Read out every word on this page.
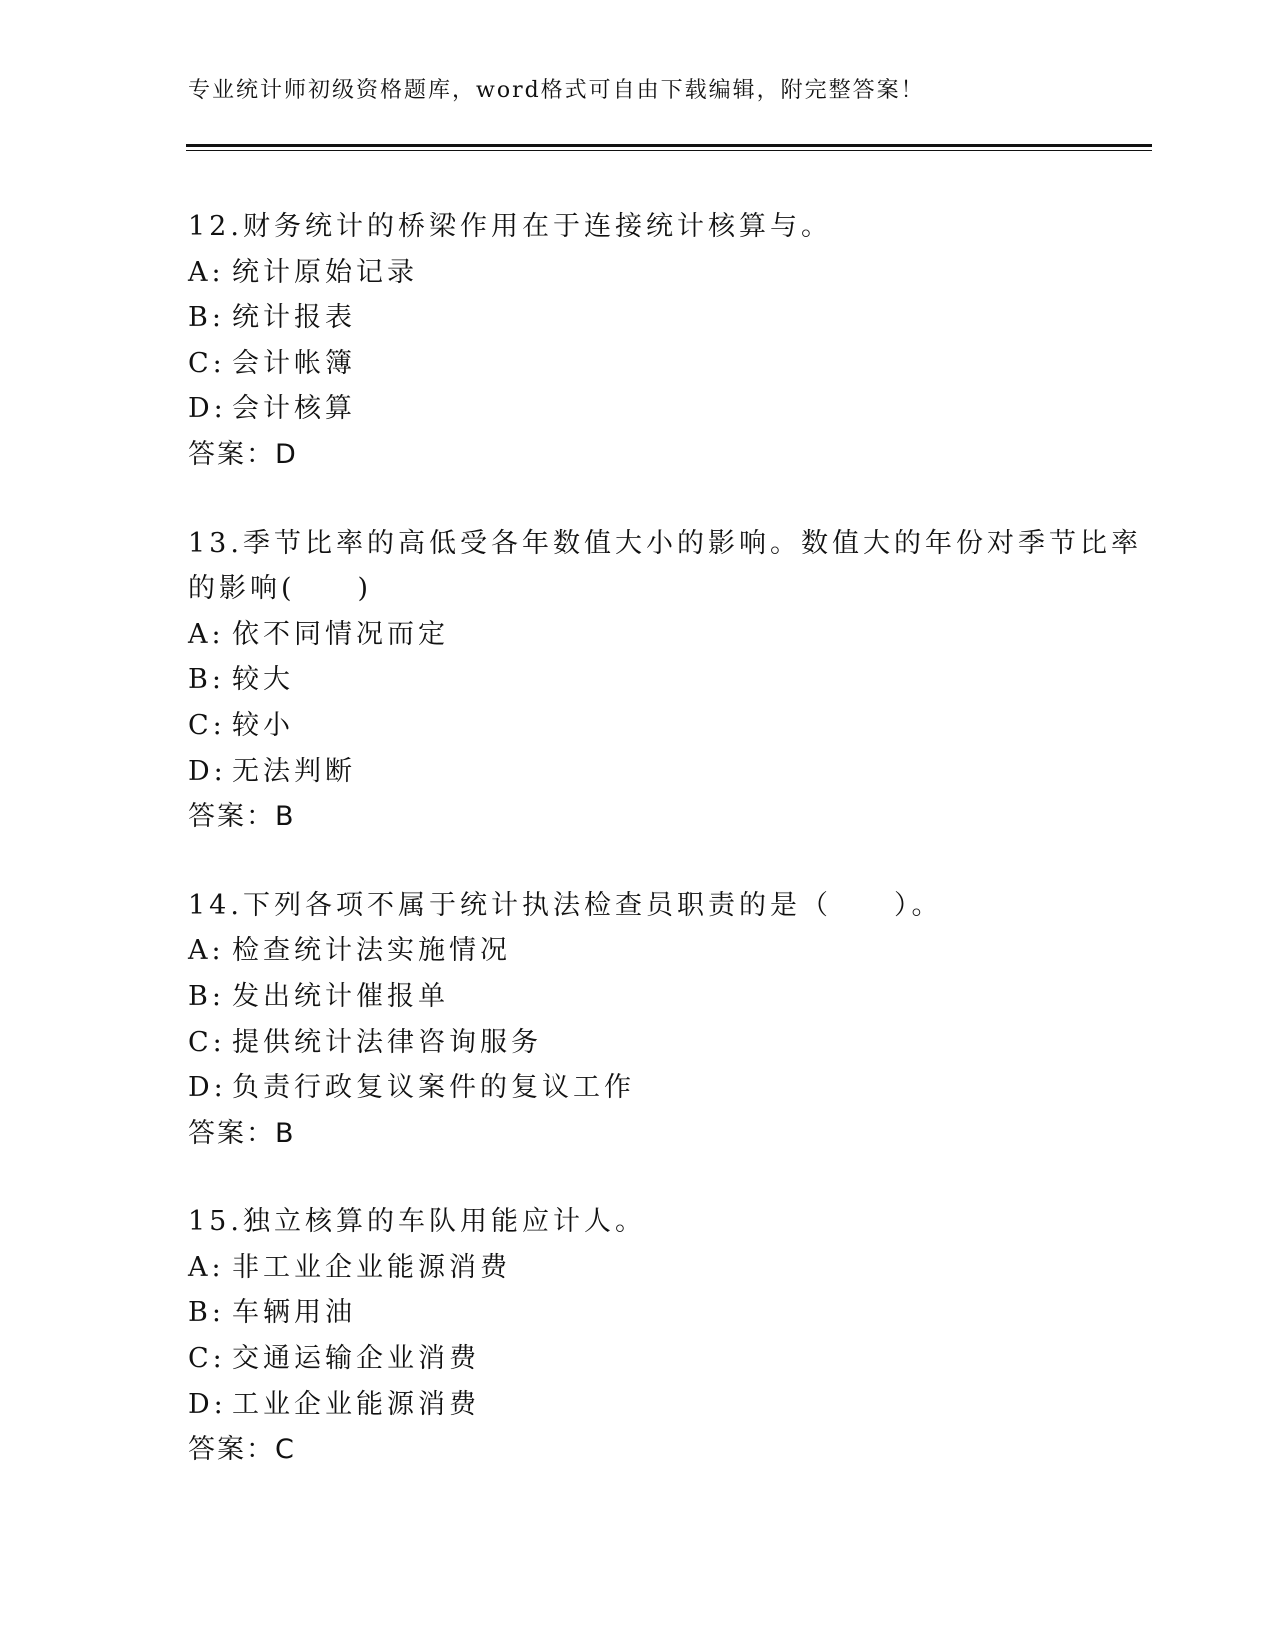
专业统计师初级资格题库，word格式可自由下载编辑，附完整答案！
12.财务统计的桥梁作用在于连接统计核算与。
A: 统计原始记录
B: 统计报表
C: 会计帐簿
D: 会计核算
答案：D
13.季节比率的高低受各年数值大小的影响。数值大的年份对季节比率
的影响(　　)
A: 依不同情况而定
B: 较大
C: 较小
D: 无法判断
答案：B
14.下列各项不属于统计执法检查员职责的是（　　）。
A: 检查统计法实施情况
B: 发出统计催报单
C: 提供统计法律咨询服务
D: 负责行政复议案件的复议工作
答案：B
15.独立核算的车队用能应计人。
A: 非工业企业能源消费
B: 车辆用油
C: 交通运输企业消费
D: 工业企业能源消费
答案：C
